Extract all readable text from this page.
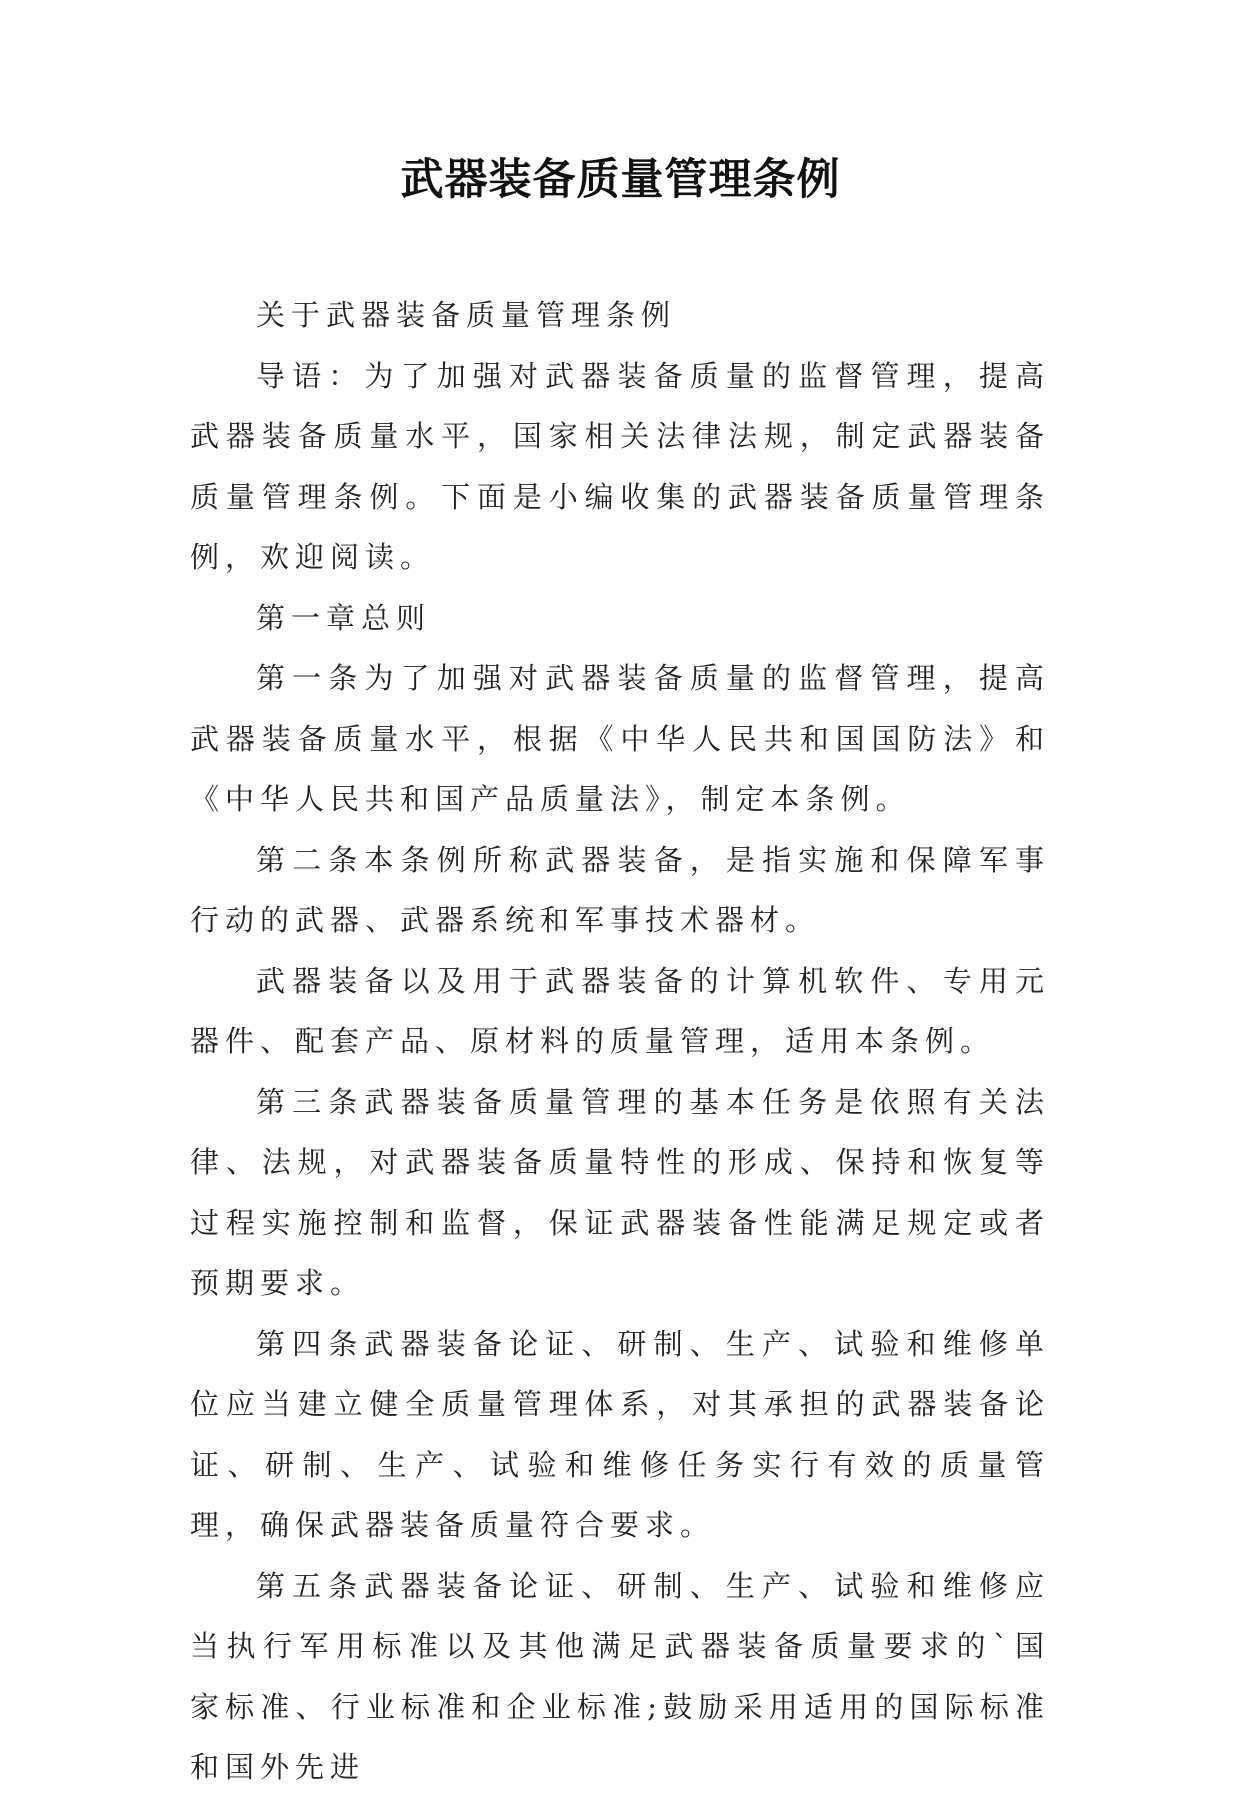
武器装备质量管理条例

关于武器装备质量管理条例

导语：为了加强对武器装备质量的监督管理，提高武器装备质量水平，国家相关法律法规，制定武器装备质量管理条例。下面是小编收集的武器装备质量管理条例，欢迎阅读。

第一章总则

第一条为了加强对武器装备质量的监督管理，提高武器装备质量水平，根据《中华人民共和国国防法》和《中华人民共和国产品质量法》，制定本条例。

第二条本条例所称武器装备，是指实施和保障军事行动的武器、武器系统和军事技术器材。

武器装备以及用于武器装备的计算机软件、专用元器件、配套产品、原材料的质量管理，适用本条例。

第三条武器装备质量管理的基本任务是依照有关法律、法规，对武器装备质量特性的形成、保持和恢复等过程实施控制和监督，保证武器装备性能满足规定或者预期要求。

第四条武器装备论证、研制、生产、试验和维修单位应当建立健全质量管理体系，对其承担的武器装备论证、研制、生产、试验和维修任务实行有效的质量管理，确保武器装备质量符合要求。

第五条武器装备论证、研制、生产、试验和维修应当执行军用标准以及其他满足武器装备质量要求的`国家标准、行业标准和企业标准;鼓励采用适用的国际标准和国外先进
